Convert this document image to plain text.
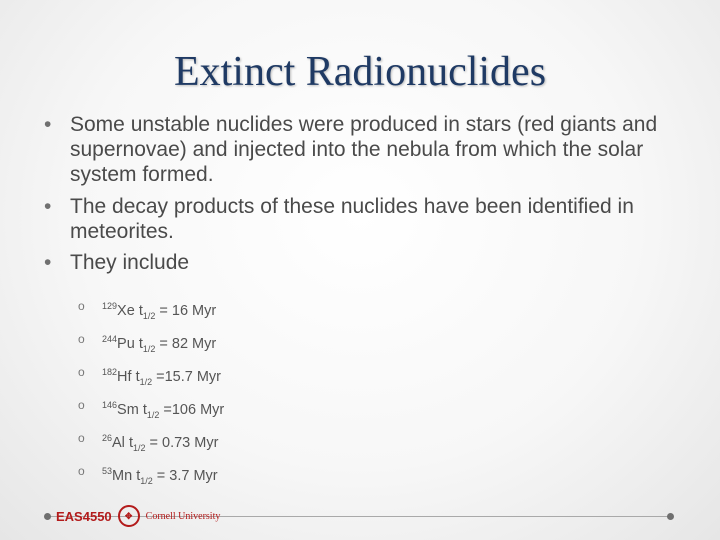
Extinct Radionuclides
• Some unstable nuclides were produced in stars (red giants and supernovae) and injected into the nebula from which the solar system formed.
• The decay products of these nuclides have been identified in meteorites.
• They include
o $^{129}$Xe $t_{1/2} = 16$ Myr
o $^{244}$Pu $t_{1/2} = 82$ Myr
o $^{182}$Hf $t_{1/2} =15.7$ Myr
o $^{146}$Sm $t_{1/2} =106$ Myr
o $^{26}$Al $t_{1/2} = 0.73$ Myr
o $^{53}$Mn $t_{1/2} = 3.7$ Myr
EAS4550	✥	Cornell University
